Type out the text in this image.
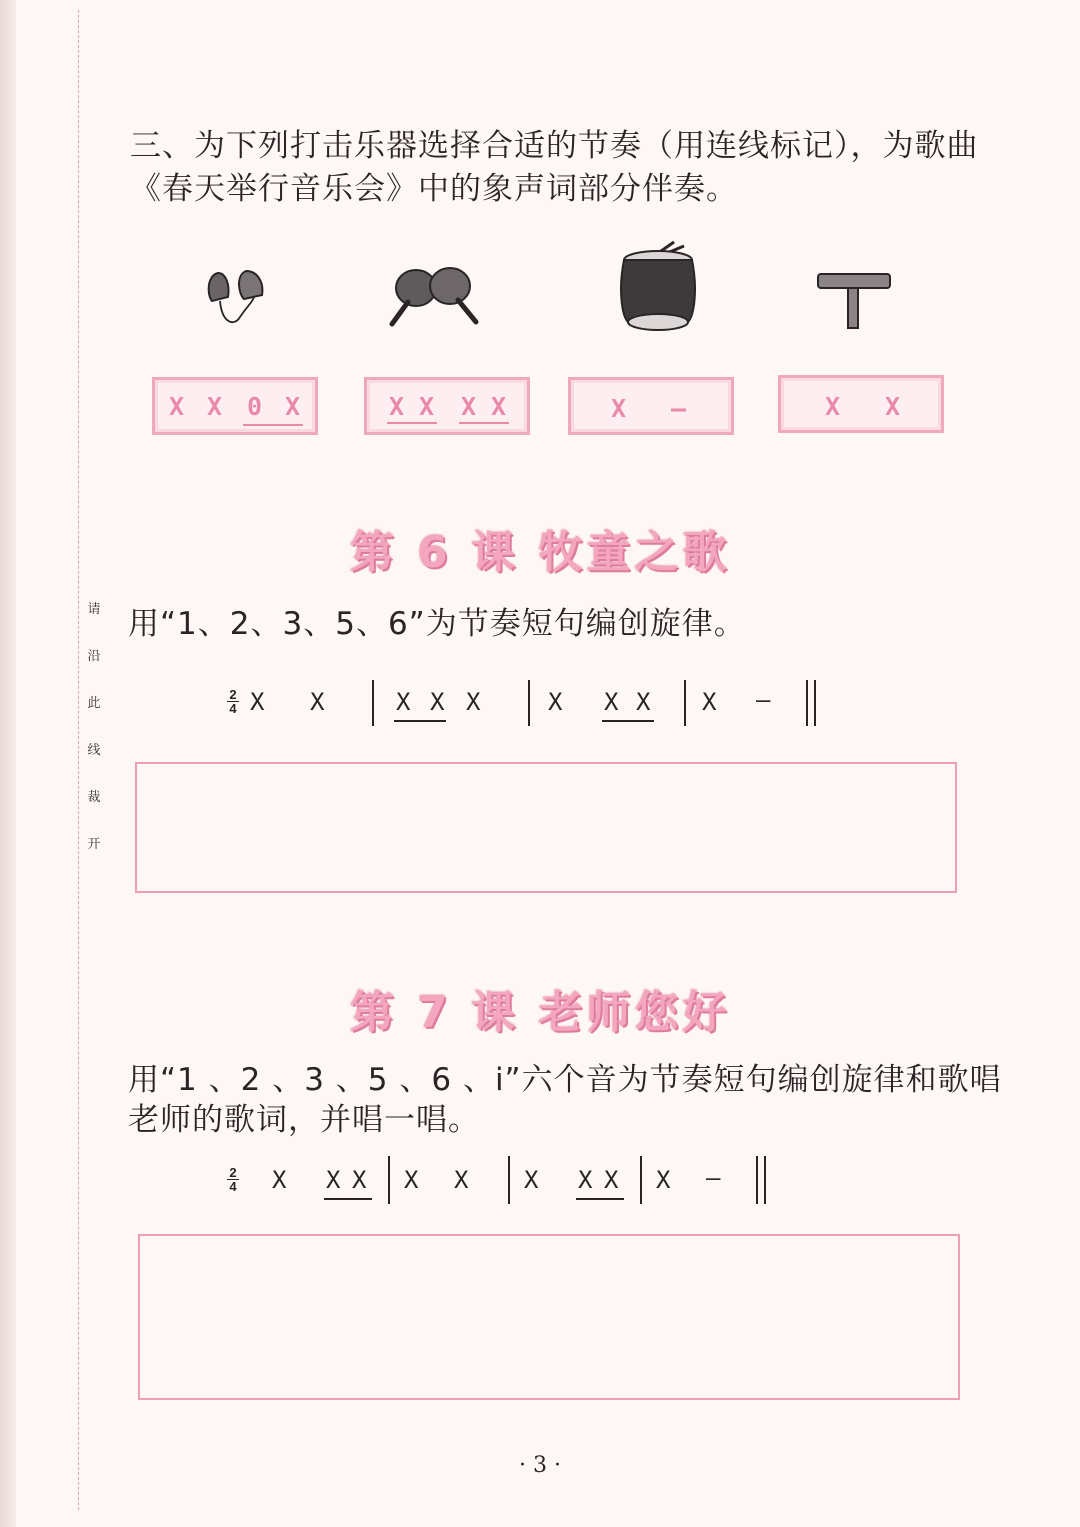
请
沿
此
线
裁
开
三、为下列打击乐器选择合适的节奏（用连线标记），为歌曲
《春天举行音乐会》中的象声词部分伴奏。
X X 0 X	X X X X	X –	X X
第 6 课 牧童之歌
用“1、2、3、5、6”为节奏短句编创旋律。
2
4 X X	X X X	X X X X –
第 7 课 老师您好
用“1 、2 、3 、5 、6 、i”六个音为节奏短句编创旋律和歌唱
老师的歌词，并唱一唱。
2
4 X X X X X X X X X –
· 3 ·
